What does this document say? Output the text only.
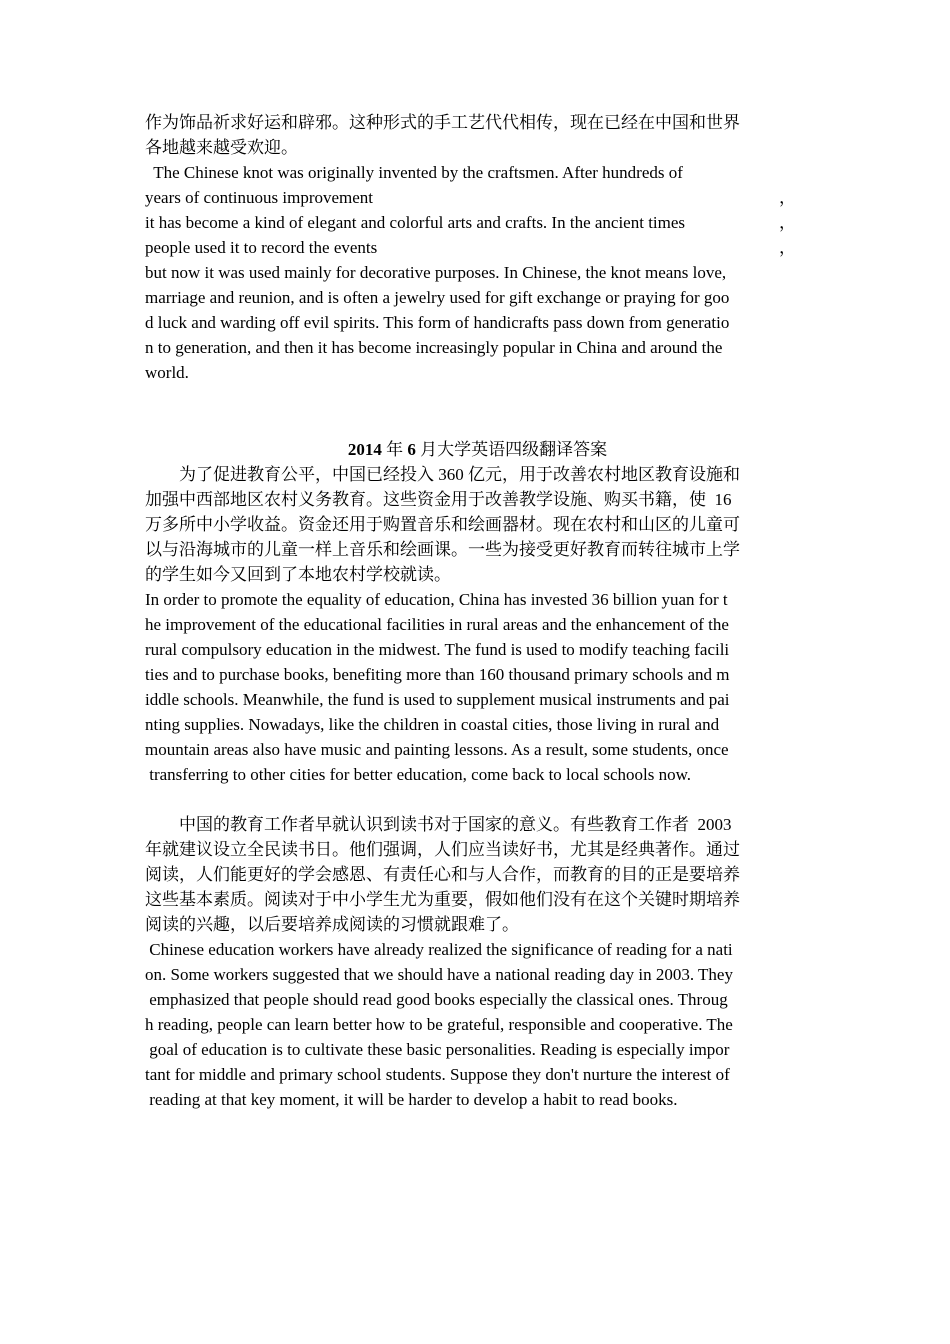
作为饰品祈求好运和辟邪。这种形式的手工艺代代相传，现在已经在中国和世界
各地越来越受欢迎。
The Chinese knot was originally invented by the craftsmen. After hundreds of
years of continuous improvement	，
it has become a kind of elegant and colorful arts and crafts. In the ancient times	，
people used it to record the events	，
but now it was used mainly for decorative purposes. In Chinese, the knot means love,
marriage and reunion, and is often a jewelry used for gift exchange or praying for goo
d luck and warding off evil spirits. This form of handicrafts pass down from generatio
n to generation, and then it has become increasingly popular in China and around the
world.
2014 年 6 月大学英语四级翻译答案
为了促进教育公平，中国已经投入 360 亿元，用于改善农村地区教育设施和
加强中西部地区农村义务教育。这些资金用于改善教学设施、购买书籍，使  16
万多所中小学收益。资金还用于购置音乐和绘画器材。现在农村和山区的儿童可
以与沿海城市的儿童一样上音乐和绘画课。一些为接受更好教育而转往城市上学
的学生如今又回到了本地农村学校就读。
In order to promote the equality of education, China has invested 36 billion yuan for t
he improvement of the educational facilities in rural areas and the enhancement of the
rural compulsory education in the midwest. The fund is used to modify teaching facili
ties and to purchase books, benefiting more than 160 thousand primary schools and m
iddle schools. Meanwhile, the fund is used to supplement musical instruments and pai
nting supplies. Nowadays, like the children in coastal cities, those living in rural and
mountain areas also have music and painting lessons. As a result, some students, once
transferring to other cities for better education, come back to local schools now.
中国的教育工作者早就认识到读书对于国家的意义。有些教育工作者  2003
年就建议设立全民读书日。他们强调，人们应当读好书，尤其是经典著作。通过
阅读，人们能更好的学会感恩、有责任心和与人合作，而教育的目的正是要培养
这些基本素质。阅读对于中小学生尤为重要，假如他们没有在这个关键时期培养
阅读的兴趣，以后要培养成阅读的习惯就跟难了。
Chinese education workers have already realized the significance of reading for a nati
on. Some workers suggested that we should have a national reading day in 2003. They
emphasized that people should read good books especially the classical ones. Throug
h reading, people can learn better how to be grateful, responsible and cooperative. The
goal of education is to cultivate these basic personalities. Reading is especially impor
tant for middle and primary school students. Suppose they don't nurture the interest of
reading at that key moment, it will be harder to develop a habit to read books.
